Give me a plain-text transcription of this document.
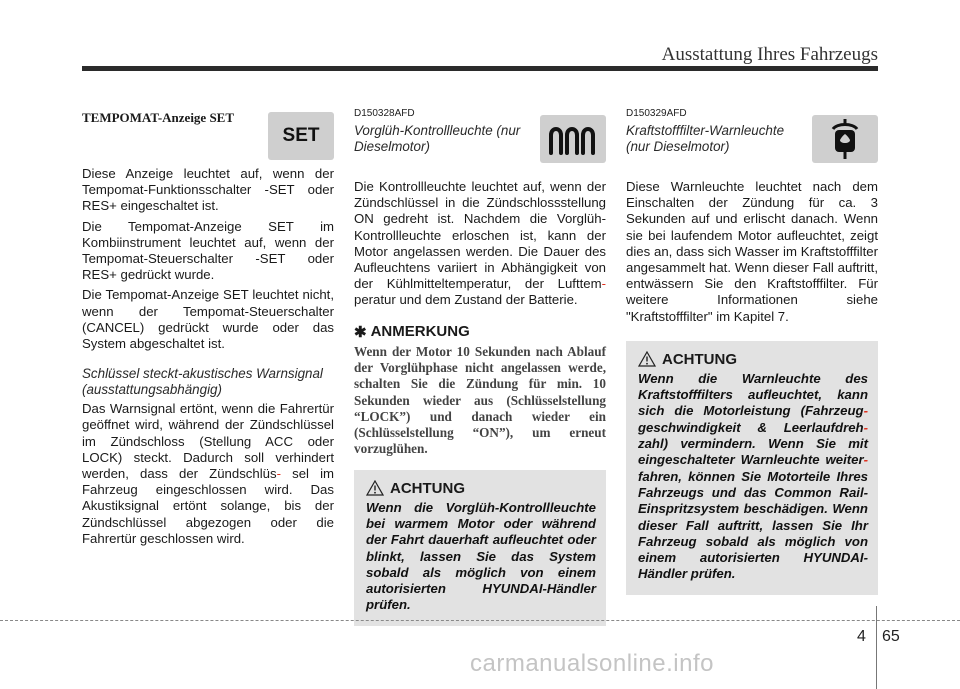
Ausstattung Ihres Fahrzeugs
TEMPOMAT-Anzeige SET
SET

Diese Anzeige leuchtet auf, wenn der Tempomat-Funktionsschalter -SET oder RES+ eingeschaltet ist.

Die Tempomat-Anzeige SET im Kombiinstrument leuchtet auf, wenn der Tempomat-Steuerschalter -SET oder RES+ gedrückt wurde.

Die Tempomat-Anzeige SET leuchtet nicht, wenn der Tempomat-Steuerschalter (CANCEL) gedrückt wurde oder das System abgeschaltet ist.

Schlüssel steckt-akustisches Warnsignal (ausstattungsabhängig)

Das Warnsignal ertönt, wenn die Fahrertür geöffnet wird, während der Zündschlüssel im Zündschloss (Stellung ACC oder LOCK) steckt. Dadurch soll verhindert werden, dass der Zündschlüs- sel im Fahrzeug eingeschlossen wird. Das Akustiksignal ertönt solange, bis der Zündschlüssel abgezogen oder die Fahrertür geschlossen wird.

D150328AFD
Vorglüh-Kontrollleuchte (nur Dieselmotor)

Die Kontrollleuchte leuchtet auf, wenn der Zündschlüssel in die Zündschlossstellung ON gedreht ist. Nachdem die Vorglüh-Kontrollleuchte erloschen ist, kann der Motor angelassen werden. Die Dauer des Aufleuchtens variiert in Abhängigkeit von der Kühlmitteltemperatur, der Lufttem- peratur und dem Zustand der Batterie.

✱ ANMERKUNG
Wenn der Motor 10 Sekunden nach Ablauf der Vorglühphase nicht angelassen werde, schalten Sie die Zündung für min. 10 Sekunden wieder aus (Schlüsselstellung “LOCK”) und danach wieder ein (Schlüsselstellung “ON”), um erneut vorzuglühen.
ACHTUNG
Wenn die Vorglüh-Kontrollleuchte bei warmem Motor oder während der Fahrt dauerhaft aufleuchtet oder blinkt, lassen Sie das System sobald als möglich von einem autorisierten HYUNDAI-Händler prüfen.
D150329AFD
Kraftstofffilter-Warnleuchte (nur Dieselmotor)

Diese Warnleuchte leuchtet nach dem Einschalten der Zündung für ca. 3 Sekunden auf und erlischt danach. Wenn sie bei laufendem Motor aufleuchtet, zeigt dies an, dass sich Wasser im Kraftstofffilter angesammelt hat. Wenn dieser Fall auftritt, entwässern Sie den Kraftstofffilter. Für weitere Informationen siehe "Kraftstofffilter" im Kapitel 7.

ACHTUNG
Wenn die Warnleuchte des Kraftstofffilters aufleuchtet, kann sich die Motorleistung (Fahrzeug- geschwindigkeit & Leerlaufdreh- zahl) vermindern. Wenn Sie mit eingeschalteter Warnleuchte weiter- fahren, können Sie Motorteile Ihres Fahrzeugs und das Common Rail-Einspritzsystem beschädigen. Wenn dieser Fall auftritt, lassen Sie Ihr Fahrzeug sobald als möglich von einem autorisierten HYUNDAI-Händler prüfen.
4 65
carmanualsonline.info
